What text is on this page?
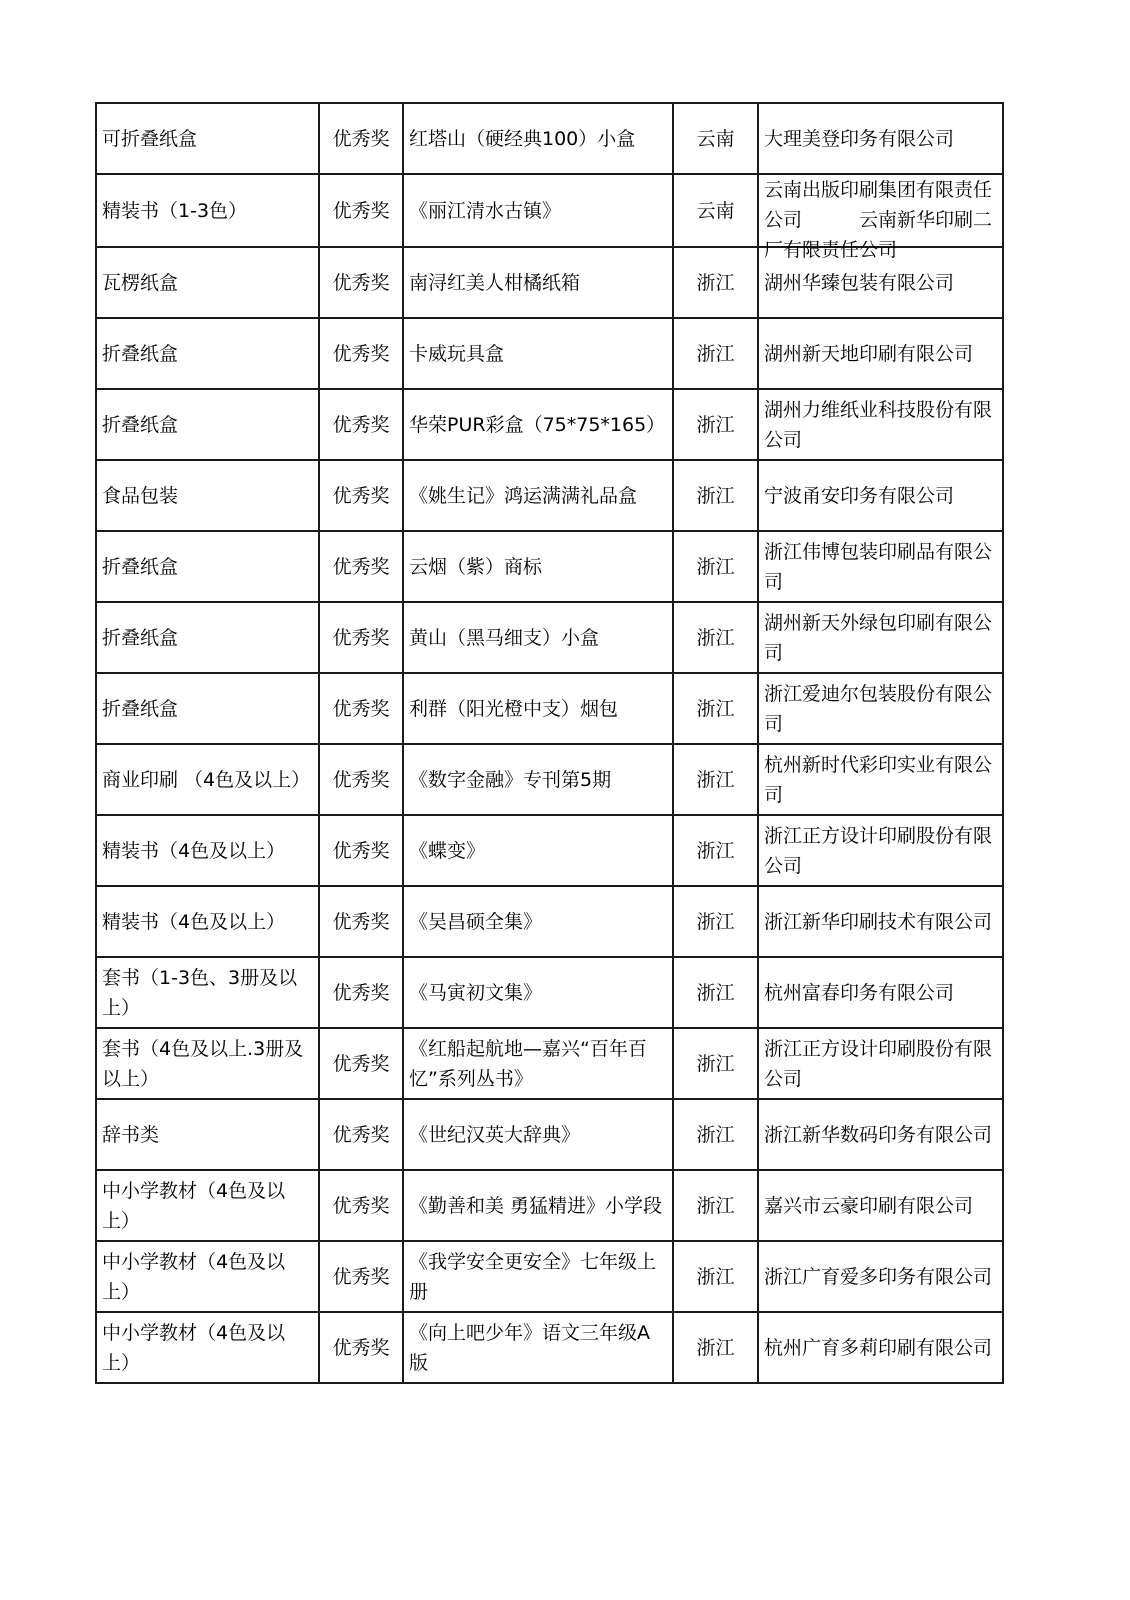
可折叠纸盒	优秀奖	红塔山（硬经典100）小盒	云南	大理美登印务有限公司

精装书（1-3色）	优秀奖	《丽江清水古镇》	云南	云南出版印刷集团有限责任公司　　　云南新华印刷二厂有限责任公司

瓦楞纸盒	优秀奖	南浔红美人柑橘纸箱	浙江	湖州华臻包装有限公司

折叠纸盒	优秀奖	卡威玩具盒	浙江	湖州新天地印刷有限公司

折叠纸盒	优秀奖	华荣PUR彩盒（75*75*165）	浙江	湖州力维纸业科技股份有限公司

食品包装	优秀奖	《姚生记》鸿运满满礼品盒	浙江	宁波甬安印务有限公司

折叠纸盒	优秀奖	云烟（紫）商标	浙江	浙江伟博包装印刷品有限公司

折叠纸盒	优秀奖	黄山（黑马细支）小盒	浙江	湖州新天外绿包印刷有限公司

折叠纸盒	优秀奖	利群（阳光橙中支）烟包	浙江	浙江爱迪尔包装股份有限公司

商业印刷 （4色及以上）	优秀奖	《数字金融》专刊第5期	浙江	杭州新时代彩印实业有限公司

精装书（4色及以上）	优秀奖	《蝶变》	浙江	浙江正方设计印刷股份有限公司

精装书（4色及以上）	优秀奖	《吴昌硕全集》	浙江	浙江新华印刷技术有限公司

套书（1-3色、3册及以上）	优秀奖	《马寅初文集》	浙江	杭州富春印务有限公司

套书（4色及以上.3册及以上）	优秀奖	《红船起航地—嘉兴“百年百忆”系列丛书》	浙江	浙江正方设计印刷股份有限公司

辞书类	优秀奖	《世纪汉英大辞典》	浙江	浙江新华数码印务有限公司

中小学教材（4色及以上）	优秀奖	《勤善和美 勇猛精进》小学段	浙江	嘉兴市云豪印刷有限公司

中小学教材（4色及以上）	优秀奖	《我学安全更安全》七年级上册	浙江	浙江广育爱多印务有限公司

中小学教材（4色及以上）	优秀奖	《向上吧少年》语文三年级A版	浙江	杭州广育多莉印刷有限公司
